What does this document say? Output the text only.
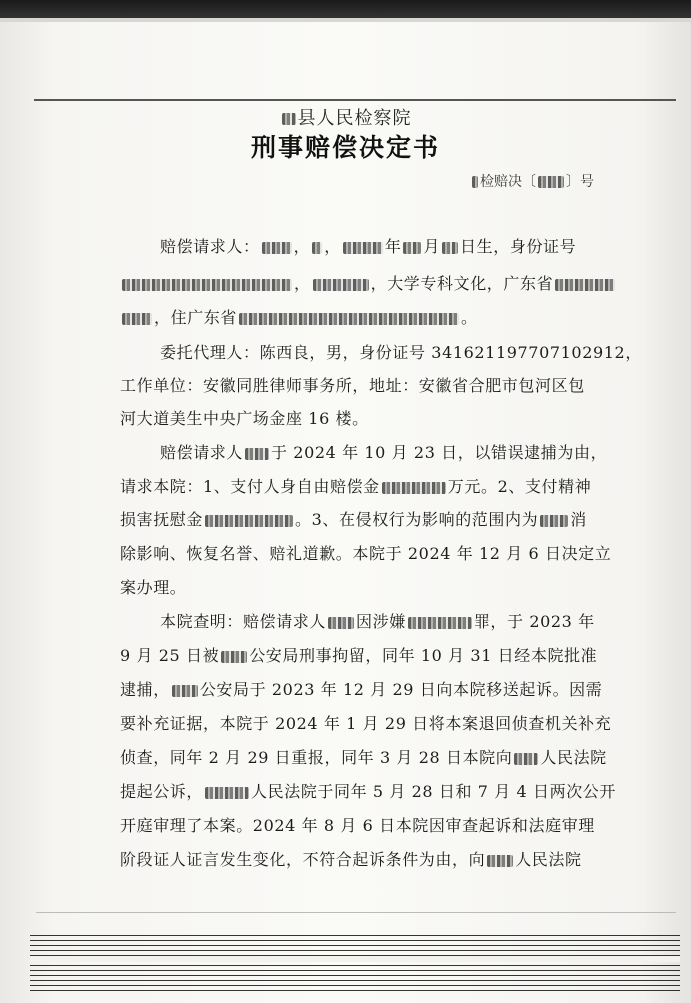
县人民检察院
刑事赔偿决定书
检赔决〔 〕号
赔偿请求人： ， ，	年 月 日生，身份证号
，	，大学专科文化，广东省
，住广东省	。
委托代理人：陈西良，男，身份证号 341621197707102912，
工作单位：安徽同胜律师事务所，地址：安徽省合肥市包河区包
河大道美生中央广场金座 16 楼。
赔偿请求人 于 2024 年 10 月 23 日，以错误逮捕为由，
请求本院：1、支付人身自由赔偿金	万元。2、支付精神
损害抚慰金	。3、在侵权行为影响的范围内为 消
除影响、恢复名誉、赔礼道歉。本院于 2024 年 12 月 6 日决定立
案办理。
本院查明：赔偿请求人 因涉嫌	罪，于 2023 年
9 月 25 日被 公安局刑事拘留，同年 10 月 31 日经本院批准
逮捕， 公安局于 2023 年 12 月 29 日向本院移送起诉。因需
要补充证据，本院于 2024 年 1 月 29 日将本案退回侦查机关补充
侦查，同年 2 月 29 日重报，同年 3 月 28 日本院向 人民法院
提起公诉，	人民法院于同年 5 月 28 日和 7 月 4 日两次公开
开庭审理了本案。2024 年 8 月 6 日本院因审查起诉和法庭审理
阶段证人证言发生变化，不符合起诉条件为由，向 人民法院
